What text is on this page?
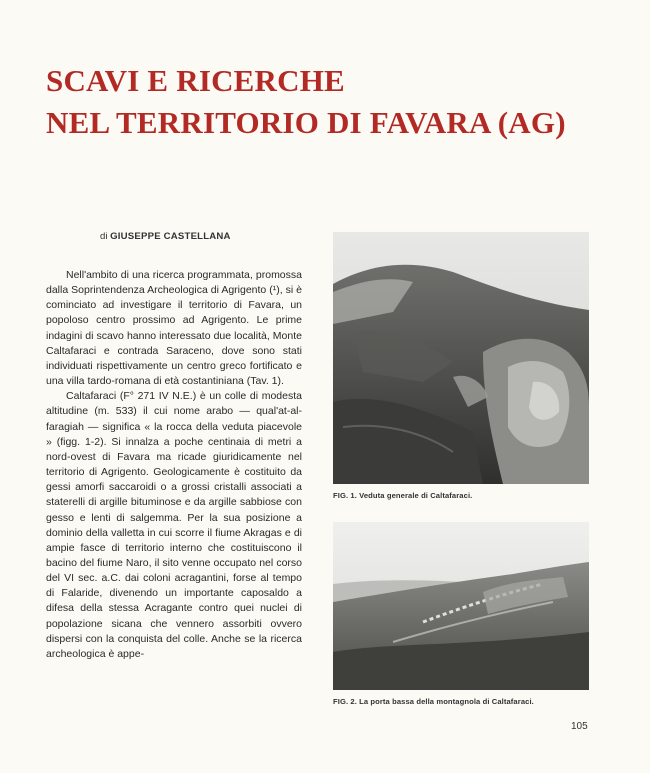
SCAVI E RICERCHE
NEL TERRITORIO DI FAVARA (AG)
di GIUSEPPE CASTELLANA

Nell'ambito di una ricerca programmata, promossa dalla Soprintendenza Archeologica di Agrigento (¹), si è cominciato ad investigare il territorio di Favara, un popoloso centro prossimo ad Agrigento. Le prime indagini di scavo hanno interessato due località, Monte Caltafaraci e contrada Saraceno, dove sono stati individuati rispettivamente un centro greco fortificato e una villa tardo-romana di età costantiniana (Tav. 1).

Caltafaraci (F° 271 IV N.E.) è un colle di modesta altitudine (m. 533) il cui nome arabo — qual'at-al-faragiah — significa « la rocca della veduta piacevole » (figg. 1-2). Si innalza a poche centinaia di metri a nord-ovest di Favara ma ricade giuridicamente nel territorio di Agrigento. Geologicamente è costituito da gessi amorfi saccaroidi o a grossi cristalli associati a staterelli di argille bituminose e da argille sabbiose con gesso e lenti di salgemma. Per la sua posizione a dominio della valletta in cui scorre il fiume Akragas e di ampie fasce di territorio interno che costituiscono il bacino del fiume Naro, il sito venne occupato nel corso del VI sec. a.C. dai coloni acragantini, forse al tempo di Falaride, divenendo un importante caposaldo a difesa della stessa Acragante contro quei nuclei di popolazione sicana che vennero assorbiti ovvero dispersi con la conquista del colle. Anche se la ricerca archeologica è appe-

FIG. 1. Veduta generale di Caltafaraci.
FIG. 2. La porta bassa della montagnola di Caltafaraci.
105
